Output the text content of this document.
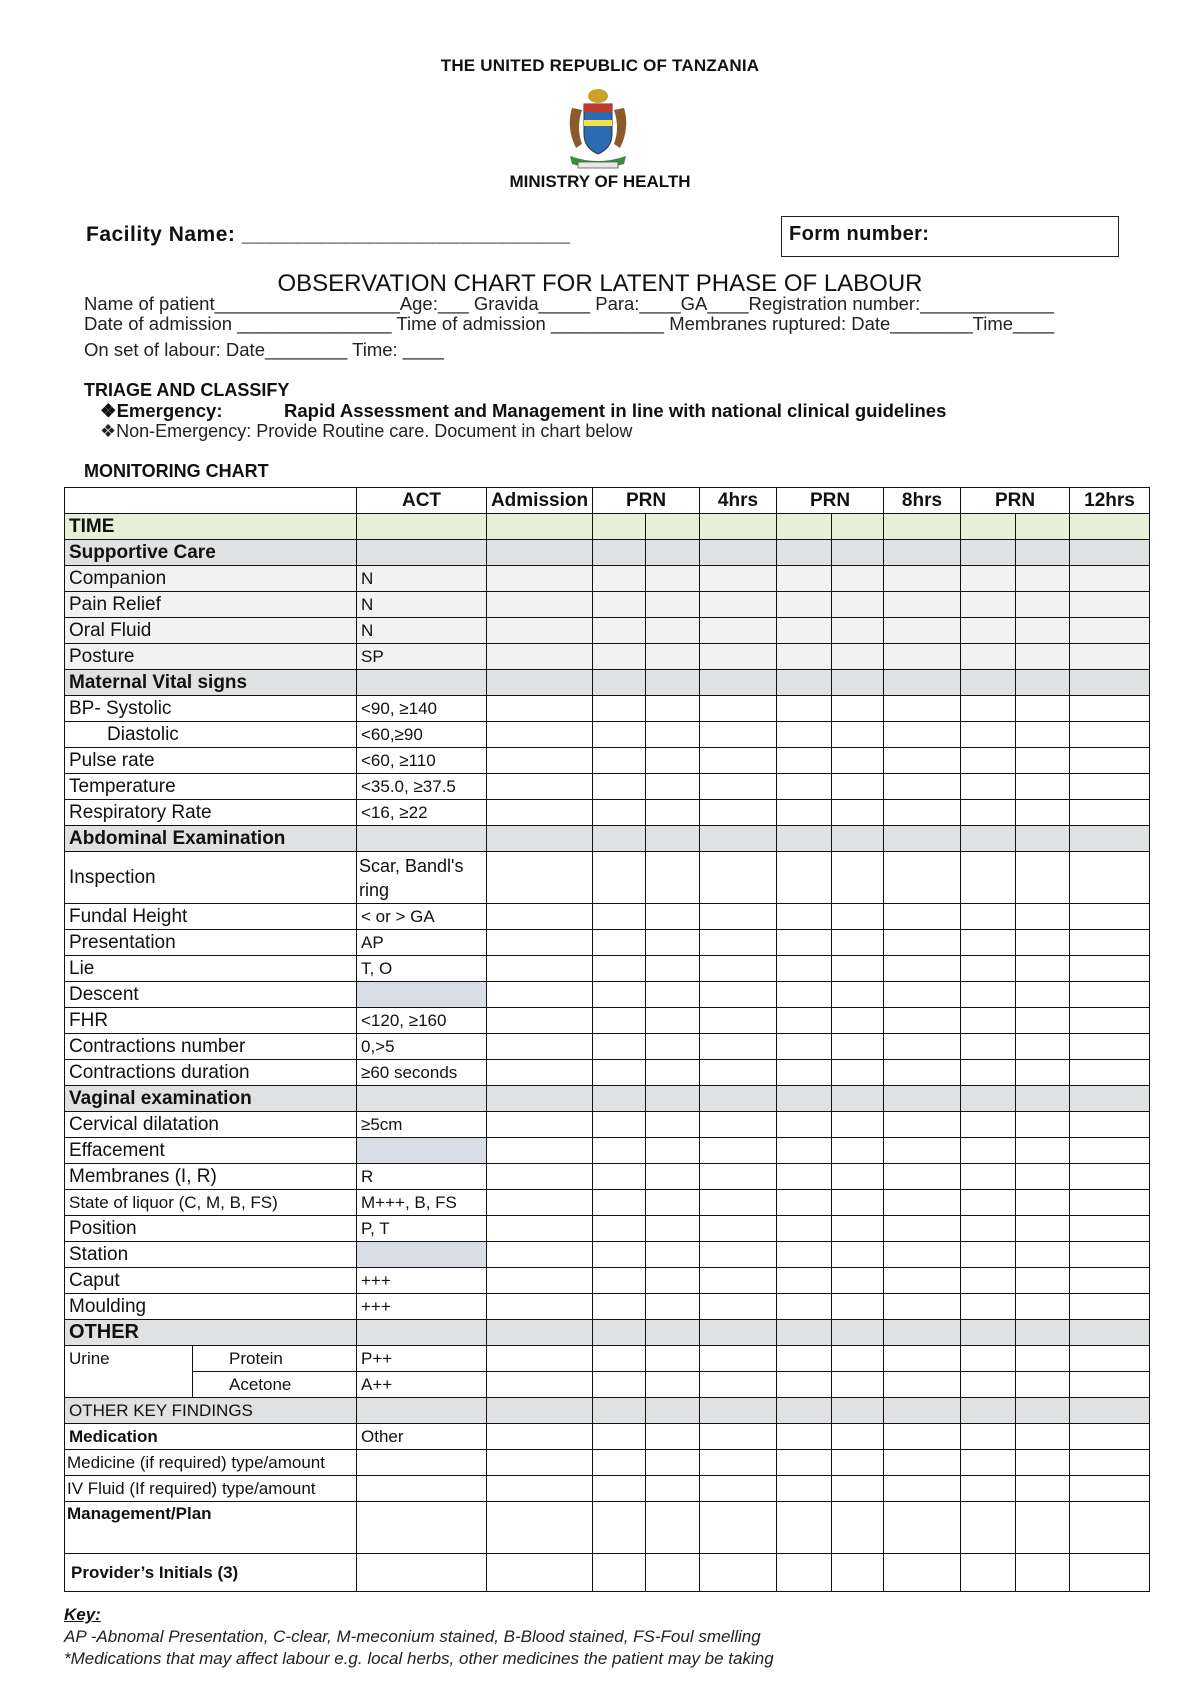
THE UNITED REPUBLIC OF TANZANIA
MINISTRY OF HEALTH
Facility Name: ___________________________	Form number:
OBSERVATION CHART FOR LATENT PHASE OF LABOUR
Name of patient__________________Age:___ Gravida_____ Para:____GA____Registration number:_____________
Date of admission _______________ Time of admission ___________ Membranes ruptured: Date________Time____
On set of labour: Date________ Time: ____
TRIAGE AND CLASSIFY
❖Emergency:	Rapid Assessment and Management in line with national clinical guidelines
❖Non-Emergency: Provide Routine care. Document in chart below
MONITORING CHART
		ACT	Admission	PRN		4hrs	PRN		8hrs	PRN		12hrs
TIME												
Supportive Care												
Companion		N										
Pain Relief		N										
Oral Fluid		N										
Posture		SP										
Maternal Vital signs												
BP- Systolic		<90, ≥140										
Diastolic		<60,≥90										
Pulse rate		<60, ≥110										
Temperature		<35.0, ≥37.5										
Respiratory Rate		<16, ≥22										
Abdominal Examination												
Inspection		Scar, Bandl's ring										
Fundal Height		< or > GA										
Presentation		AP										
Lie		T, O										
Descent												
FHR		<120, ≥160										
Contractions number		0,>5										
Contractions duration		≥60 seconds										
Vaginal examination												
Cervical dilatation		≥5cm										
Effacement												
Membranes (I, R)		R										
State of liquor (C, M, B, FS)		M+++, B, FS										
Position		P, T										
Station												
Caput		+++										
Moulding		+++										
OTHER												
Urine	Protein	P++										
	Acetone	A++										
OTHER KEY FINDINGS												
Medication		Other										
Medicine (if required) type/amount												
IV Fluid (If required) type/amount												
Management/Plan												
Provider’s Initials (3)												
Key:
AP -Abnomal Presentation, C-clear, M-meconium stained, B-Blood stained, FS-Foul smelling
*Medications that may affect labour e.g. local herbs, other medicines the patient may be taking
